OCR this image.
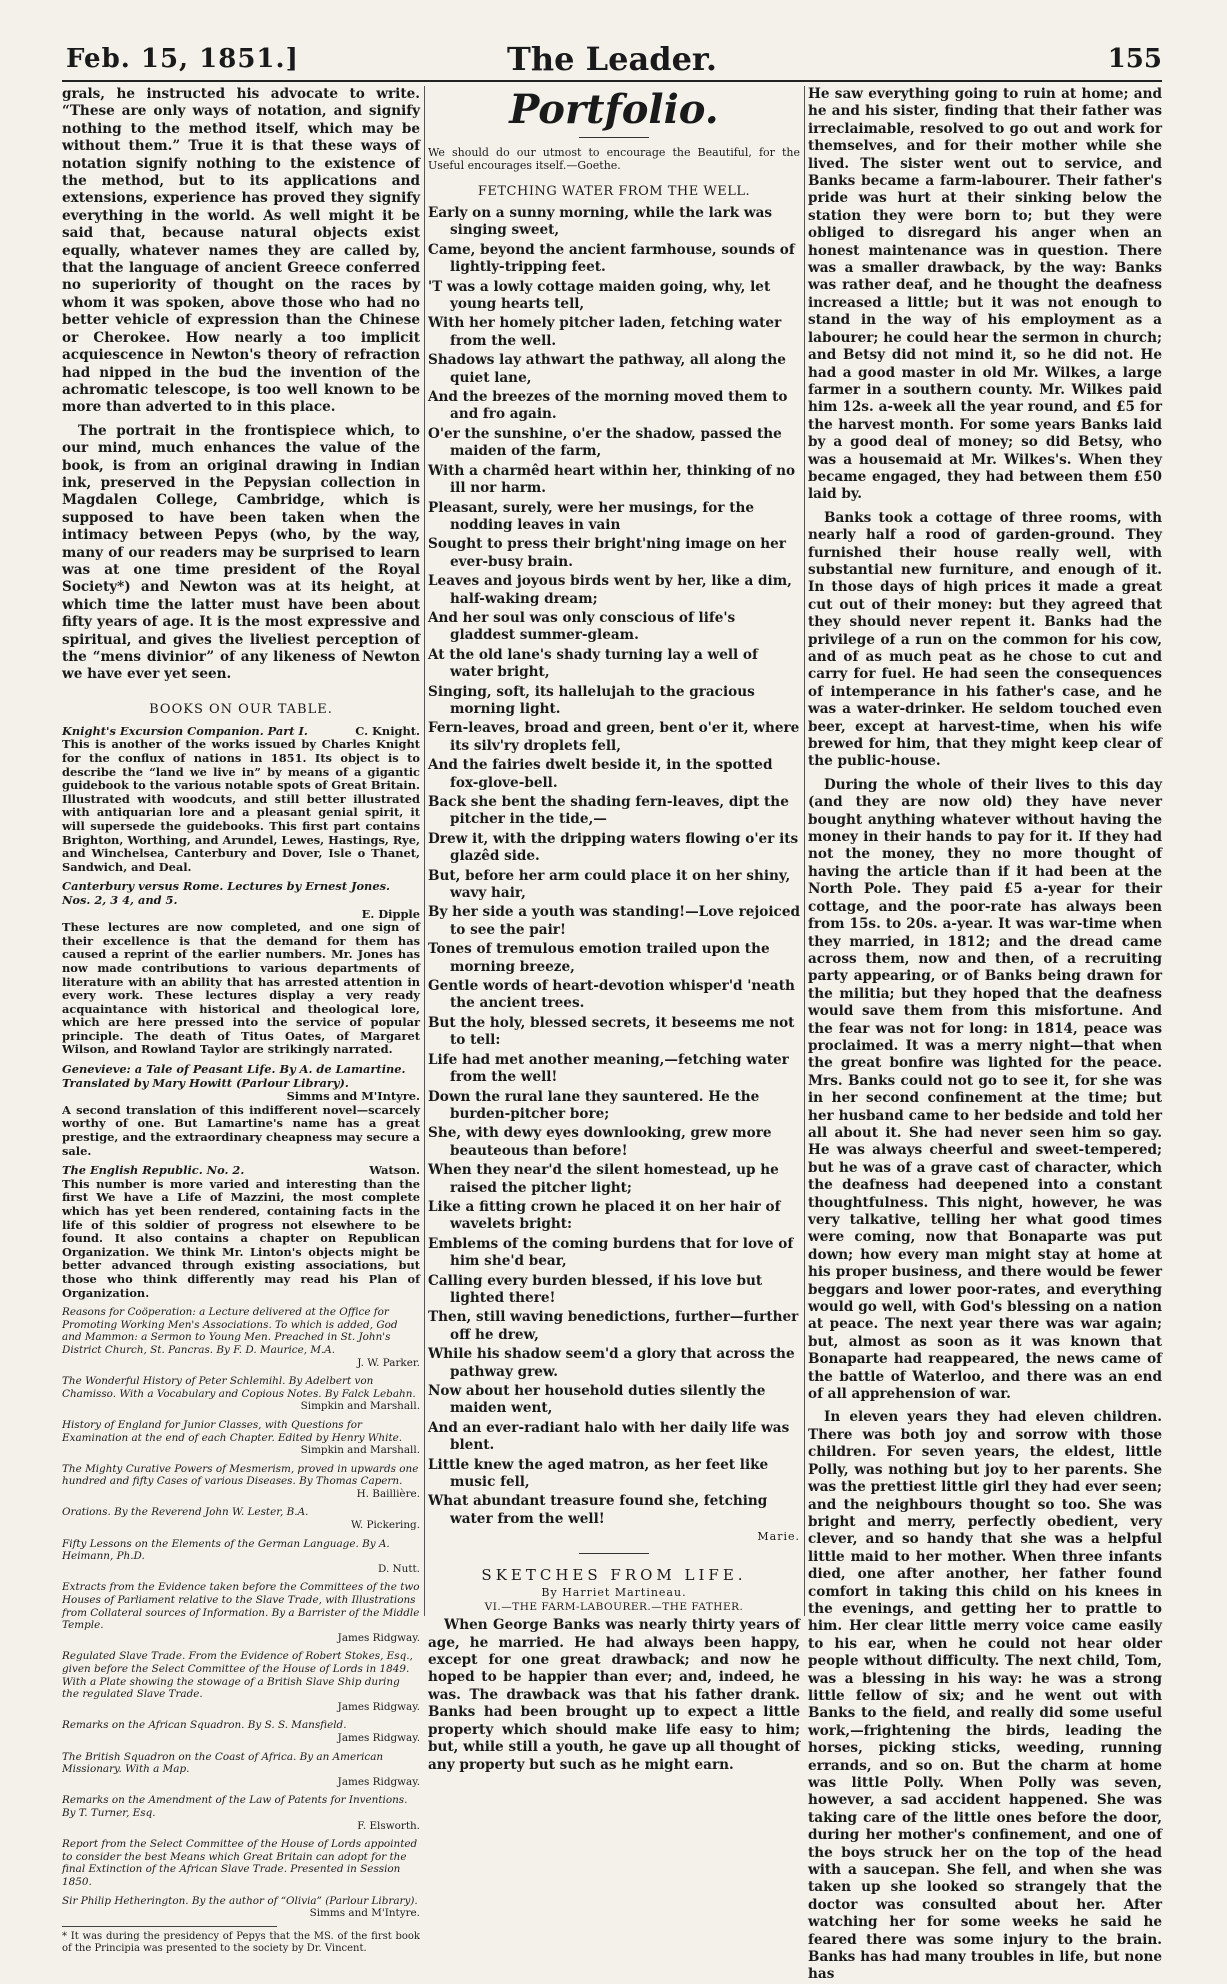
Feb. 15, 1851.]	The Leader.	155

grals, he instructed his advocate to write. “These are only ways of notation, and signify nothing to the method itself, which may be without them.” True it is that these ways of notation signify nothing to the existence of the method, but to its applications and extensions, experience has proved they signify everything in the world. As well might it be said that, because natural objects exist equally, whatever names they are called by, that the language of ancient Greece conferred no superiority of thought on the races by whom it was spoken, above those who had no better vehicle of expression than the Chinese or Cherokee. How nearly a too implicit acquiescence in Newton's theory of refraction had nipped in the bud the invention of the achromatic telescope, is too well known to be more than adverted to in this place.

The portrait in the frontispiece which, to our mind, much enhances the value of the book, is from an original drawing in Indian ink, preserved in the Pepysian collection in Magdalen College, Cambridge, which is supposed to have been taken when the intimacy between Pepys (who, by the way, many of our readers may be surprised to learn was at one time president of the Royal Society*) and Newton was at its height, at which time the latter must have been about fifty years of age. It is the most expressive and spiritual, and gives the liveliest perception of the “mens divinior” of any likeness of Newton we have ever yet seen.

BOOKS ON OUR TABLE.
Knight's Excursion Companion. Part I.	C. Knight.

This is another of the works issued by Charles Knight for the conflux of nations in 1851. Its object is to describe the “land we live in” by means of a gigantic guidebook to the various notable spots of Great Britain. Illustrated with woodcuts, and still better illustrated with antiquarian lore and a pleasant genial spirit, it will supersede the guidebooks. This first part contains Brighton, Worthing, and Arundel, Lewes, Hastings, Rye, and Winchelsea, Canterbury and Dover, Isle o Thanet, Sandwich, and Deal.

Canterbury versus Rome. Lectures by Ernest Jones. Nos. 2, 3 4, and 5.
E. Dipple

These lectures are now completed, and one sign of their excellence is that the demand for them has caused a reprint of the earlier numbers. Mr. Jones has now made contributions to various departments of literature with an ability that has arrested attention in every work. These lectures display a very ready acquaintance with historical and theological lore, which are here pressed into the service of popular principle. The death of Titus Oates, of Margaret Wilson, and Rowland Taylor are strikingly narrated.

Genevieve: a Tale of Peasant Life. By A. de Lamartine. Translated by Mary Howitt (Parlour Library).
Simms and M'Intyre.

A second translation of this indifferent novel—scarcely worthy of one. But Lamartine's name has a great prestige, and the extraordinary cheapness may secure a sale.

The English Republic. No. 2.	Watson.

This number is more varied and interesting than the first We have a Life of Mazzini, the most complete which has yet been rendered, containing facts in the life of this soldier of progress not elsewhere to be found. It also contains a chapter on Republican Organization. We think Mr. Linton's objects might be better advanced through existing associations, but those who think differently may read his Plan of Organization.

Reasons for Coöperation: a Lecture delivered at the Office for Promoting Working Men's Associations. To which is added, God and Mammon: a Sermon to Young Men. Preached in St. John's District Church, St. Pancras. By F. D. Maurice, M.A.
J. W. Parker.
The Wonderful History of Peter Schlemihl. By Adelbert von Chamisso. With a Vocabulary and Copious Notes. By Falck Lebahn.
Simpkin and Marshall.
History of England for Junior Classes, with Questions for Examination at the end of each Chapter. Edited by Henry White.
Simpkin and Marshall.
The Mighty Curative Powers of Mesmerism, proved in upwards one hundred and fifty Cases of various Diseases. By Thomas Capern.
H. Baillière.
Orations. By the Reverend John W. Lester, B.A.
W. Pickering.
Fifty Lessons on the Elements of the German Language. By A. Heimann, Ph.D.
D. Nutt.
Extracts from the Evidence taken before the Committees of the two Houses of Parliament relative to the Slave Trade, with Illustrations from Collateral sources of Information. By a Barrister of the Middle Temple.
James Ridgway.
Regulated Slave Trade. From the Evidence of Robert Stokes, Esq., given before the Select Committee of the House of Lords in 1849. With a Plate showing the stowage of a British Slave Ship during the regulated Slave Trade.
James Ridgway.
Remarks on the African Squadron. By S. S. Mansfield.
James Ridgway.
The British Squadron on the Coast of Africa. By an American Missionary. With a Map.
James Ridgway.
Remarks on the Amendment of the Law of Patents for Inventions. By T. Turner, Esq.
F. Elsworth.
Report from the Select Committee of the House of Lords appointed to consider the best Means which Great Britain can adopt for the final Extinction of the African Slave Trade. Presented in Session 1850.
Sir Philip Hetherington. By the author of “Olivia” (Parlour Library).
Simms and M'Intyre.

* It was during the presidency of Pepys that the MS. of the first book of the Principia was presented to the society by Dr. Vincent.

Portfolio.

We should do our utmost to encourage the Beautiful, for the Useful encourages itself.—Goethe.

FETCHING WATER FROM THE WELL.
Early on a sunny morning, while the lark was singing sweet,
Came, beyond the ancient farmhouse, sounds of lightly-tripping feet.
'T was a lowly cottage maiden going, why, let young hearts tell,
With her homely pitcher laden, fetching water from the well.
Shadows lay athwart the pathway, all along the quiet lane,
And the breezes of the morning moved them to and fro again.
O'er the sunshine, o'er the shadow, passed the maiden of the farm,
With a charmêd heart within her, thinking of no ill nor harm.
Pleasant, surely, were her musings, for the nodding leaves in vain
Sought to press their bright'ning image on her ever-busy brain.
Leaves and joyous birds went by her, like a dim, half-waking dream;
And her soul was only conscious of life's gladdest summer-gleam.
At the old lane's shady turning lay a well of water bright,
Singing, soft, its hallelujah to the gracious morning light.
Fern-leaves, broad and green, bent o'er it, where its silv'ry droplets fell,
And the fairies dwelt beside it, in the spotted fox-glove-bell.
Back she bent the shading fern-leaves, dipt the pitcher in the tide,—
Drew it, with the dripping waters flowing o'er its glazêd side.
But, before her arm could place it on her shiny, wavy hair,
By her side a youth was standing!—Love rejoiced to see the pair!
Tones of tremulous emotion trailed upon the morning breeze,
Gentle words of heart-devotion whisper'd 'neath the ancient trees.
But the holy, blessed secrets, it beseems me not to tell:
Life had met another meaning,—fetching water from the well!
Down the rural lane they sauntered. He the burden-pitcher bore;
She, with dewy eyes downlooking, grew more beauteous than before!
When they near'd the silent homestead, up he raised the pitcher light;
Like a fitting crown he placed it on her hair of wavelets bright:
Emblems of the coming burdens that for love of him she'd bear,
Calling every burden blessed, if his love but lighted there!
Then, still waving benedictions, further—further off he drew,
While his shadow seem'd a glory that across the pathway grew.
Now about her household duties silently the maiden went,
And an ever-radiant halo with her daily life was blent.
Little knew the aged matron, as her feet like music fell,
What abundant treasure found she, fetching water from the well!
Marie.
SKETCHES FROM LIFE.
By Harriet Martineau.
VI.—THE FARM-LABOURER.—THE FATHER.

When George Banks was nearly thirty years of age, he married. He had always been happy, except for one great drawback; and now he hoped to be happier than ever; and, indeed, he was. The drawback was that his father drank. Banks had been brought up to expect a little property which should make life easy to him; but, while still a youth, he gave up all thought of any property but such as he might earn.

He saw everything going to ruin at home; and he and his sister, finding that their father was irreclaimable, resolved to go out and work for themselves, and for their mother while she lived. The sister went out to service, and Banks became a farm-labourer. Their father's pride was hurt at their sinking below the station they were born to; but they were obliged to disregard his anger when an honest maintenance was in question. There was a smaller drawback, by the way: Banks was rather deaf, and he thought the deafness increased a little; but it was not enough to stand in the way of his employment as a labourer; he could hear the sermon in church; and Betsy did not mind it, so he did not. He had a good master in old Mr. Wilkes, a large farmer in a southern county. Mr. Wilkes paid him 12s. a-week all the year round, and £5 for the harvest month. For some years Banks laid by a good deal of money; so did Betsy, who was a housemaid at Mr. Wilkes's. When they became engaged, they had between them £50 laid by.

Banks took a cottage of three rooms, with nearly half a rood of garden-ground. They furnished their house really well, with substantial new furniture, and enough of it. In those days of high prices it made a great cut out of their money: but they agreed that they should never repent it. Banks had the privilege of a run on the common for his cow, and of as much peat as he chose to cut and carry for fuel. He had seen the consequences of intemperance in his father's case, and he was a water-drinker. He seldom touched even beer, except at harvest-time, when his wife brewed for him, that they might keep clear of the public-house.

During the whole of their lives to this day (and they are now old) they have never bought anything whatever without having the money in their hands to pay for it. If they had not the money, they no more thought of having the article than if it had been at the North Pole. They paid £5 a-year for their cottage, and the poor-rate has always been from 15s. to 20s. a-year. It was war-time when they married, in 1812; and the dread came across them, now and then, of a recruiting party appearing, or of Banks being drawn for the militia; but they hoped that the deafness would save them from this misfortune. And the fear was not for long: in 1814, peace was proclaimed. It was a merry night—that when the great bonfire was lighted for the peace. Mrs. Banks could not go to see it, for she was in her second confinement at the time; but her husband came to her bedside and told her all about it. She had never seen him so gay. He was always cheerful and sweet-tempered; but he was of a grave cast of character, which the deafness had deepened into a constant thoughtfulness. This night, however, he was very talkative, telling her what good times were coming, now that Bonaparte was put down; how every man might stay at home at his proper business, and there would be fewer beggars and lower poor-rates, and everything would go well, with God's blessing on a nation at peace. The next year there was war again; but, almost as soon as it was known that Bonaparte had reappeared, the news came of the battle of Waterloo, and there was an end of all apprehension of war.

In eleven years they had eleven children. There was both joy and sorrow with those children. For seven years, the eldest, little Polly, was nothing but joy to her parents. She was the prettiest little girl they had ever seen; and the neighbours thought so too. She was bright and merry, perfectly obedient, very clever, and so handy that she was a helpful little maid to her mother. When three infants died, one after another, her father found comfort in taking this child on his knees in the evenings, and getting her to prattle to him. Her clear little merry voice came easily to his ear, when he could not hear older people without difficulty. The next child, Tom, was a blessing in his way: he was a strong little fellow of six; and he went out with Banks to the field, and really did some useful work,—frightening the birds, leading the horses, picking sticks, weeding, running errands, and so on. But the charm at home was little Polly. When Polly was seven, however, a sad accident happened. She was taking care of the little ones before the door, during her mother's confinement, and one of the boys struck her on the top of the head with a saucepan. She fell, and when she was taken up she looked so strangely that the doctor was consulted about her. After watching her for some weeks he said he feared there was some injury to the brain. Banks has had many troubles in life, but none has
